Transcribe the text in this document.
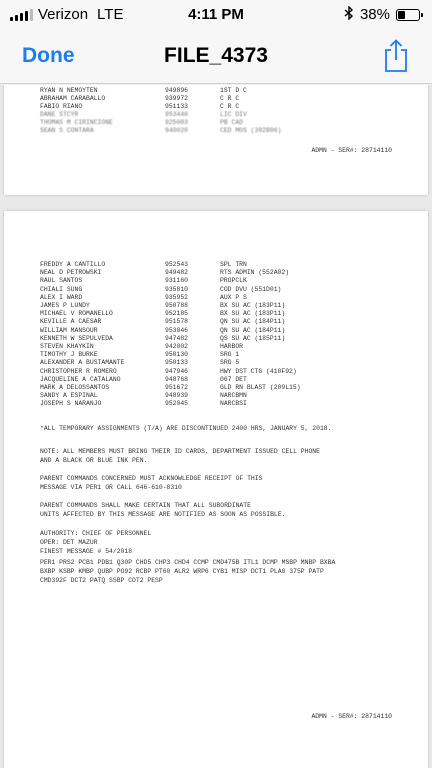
Verizon LTE	4:11 PM	38%
Done	FILE_4373
RYAN N NEMOYTEN	949896	1ST D C
ABRAHAM CARABALLO	939972	C R C
FABIO RIANO	951133	C R C
DANE STCYR	953440	LIC DIV
THOMAS M CIRINCIONE	925083	PB CAD
SEAN S CONTARA	940020	CED MOS (392B06)
ADMN - SER#: 28714110
FREDDY A CANTILLO	952543	SPL TRN
NEAL D PETROWSKI	949482	RTS ADMIN (552A02)
RAUL SANTOS	931160	PROPCLK
CHIALI SUNG	935810	COD DVU (551D01)
ALEX I WARD	935952	AUX P S
JAMES P LUNDY	950788	BX SU AC (183P11)
MICHAEL V ROMANELLO	952185	BX SU AC (183P11)
KEVILLE A CAESAR	951578	QN SU AC (184P11)
WILLIAM MANSOUR	953046	QN SU AC (184P11)
KENNETH W SEPULVEDA	947482	QS SU AC (185P11)
STEVEN KHAYKIN	942002	HARBOR
TIMOTHY J BURKE	950130	SRG 1
ALEXANDER A BUSTAMANTE	950133	SRG 5
CHRISTOPHER R ROMERO	947946	HWY DST CTG (410F92)
JACQUELINE A CATALANO	948768	067 DET
MARK A DELOSSANTOS	951672	GLD RN BLAST (209L15)
SANDY A ESPINAL	948939	NARCBMN
JOSEPH S NARANJO	952045	NARCBSI
*ALL TEMPORARY ASSIGNMENTS (T/A) ARE DISCONTINUED 2400 HRS, JANUARY 5, 2018.
NOTE: ALL MEMBERS MUST BRING THEIR ID CARDS, DEPARTMENT ISSUED CELL PHONE
AND A BLACK OR BLUE INK PEN.
PARENT COMMANDS CONCERNED MUST ACKNOWLEDGE RECEIPT OF THIS
MESSAGE VIA PER1 OR CALL 646-610-8310
PARENT COMMANDS SHALL MAKE CERTAIN THAT ALL SUBORDINATE
UNITS AFFECTED BY THIS MESSAGE ARE NOTIFIED AS SOON AS POSSIBLE.
AUTHORITY: CHIEF OF PERSONNEL
OPER: DET MAZUR
FINEST MESSAGE # 54/2018
PER1 PRS2 PCB1 PDB1 Q30P CHD5 CHP3 CHD4 CCMP CMD475B ITL1 DCMP MSBP MNBP BXBA
BXBP KSBP KMBP QUBP PO92 RCBP PT60 ALR2 WRP6 CYB1 MISP DCT1 PLA0 375P PATP
CMD392F DCT2 PATQ SSBP COT2 PESP
ADMN - SER#: 28714110
